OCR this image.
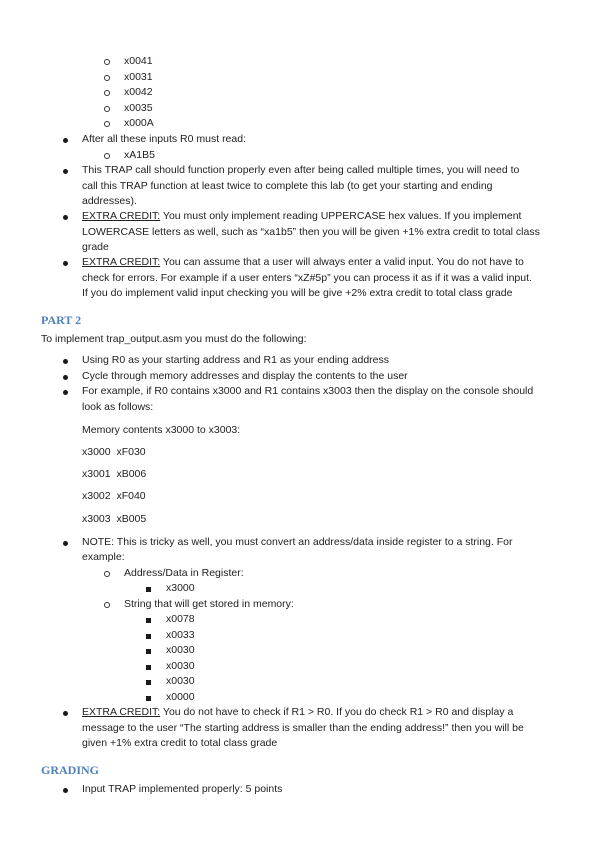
x0041
x0031
x0042
x0035
x000A
After all these inputs R0 must read:
xA1B5
This TRAP call should function properly even after being called multiple times, you will need to
call this TRAP function at least twice to complete this lab (to get your starting and ending
addresses).
EXTRA CREDIT: You must only implement reading UPPERCASE hex values. If you implement
LOWERCASE letters as well, such as “xa1b5” then you will be given +1% extra credit to total class
grade
EXTRA CREDIT: You can assume that a user will always enter a valid input. You do not have to
check for errors. For example if a user enters “xZ#5p” you can process it as if it was a valid input.
If you do implement valid input checking you will be give +2% extra credit to total class grade
PART 2
To implement trap_output.asm you must do the following:
Using R0 as your starting address and R1 as your ending address
Cycle through memory addresses and display the contents to the user
For example, if R0 contains x3000 and R1 contains x3003 then the display on the console should
look as follows:
Memory contents x3000 to x3003:
x3000 xF030
x3001 xB006
x3002 xF040
x3003 xB005
NOTE: This is tricky as well, you must convert an address/data inside register to a string. For
example:
Address/Data in Register:
x3000
String that will get stored in memory:
x0078
x0033
x0030
x0030
x0030
x0000
EXTRA CREDIT: You do not have to check if R1 > R0. If you do check R1 > R0 and display a
message to the user “The starting address is smaller than the ending address!” then you will be
given +1% extra credit to total class grade
GRADING
Input TRAP implemented properly: 5 points
